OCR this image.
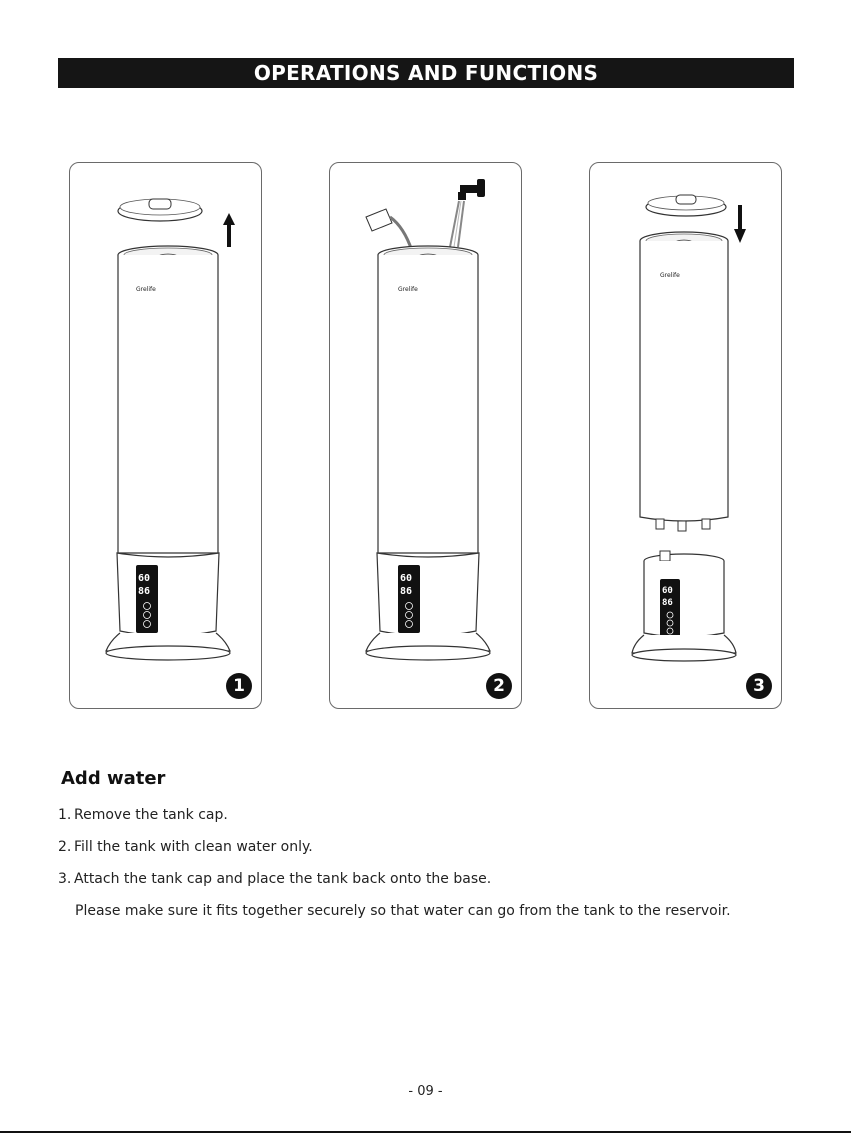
OPERATIONS AND FUNCTIONS
Grelife
60
86
1
Grelife
60
86
2
Grelife
60
86
3
Add water
1. Remove the tank cap.
2. Fill the tank with clean water only.
3. Attach the tank cap and place the tank back onto the base.
Please make sure it fits together securely so that water can go from the tank to the reservoir.
- 09 -
